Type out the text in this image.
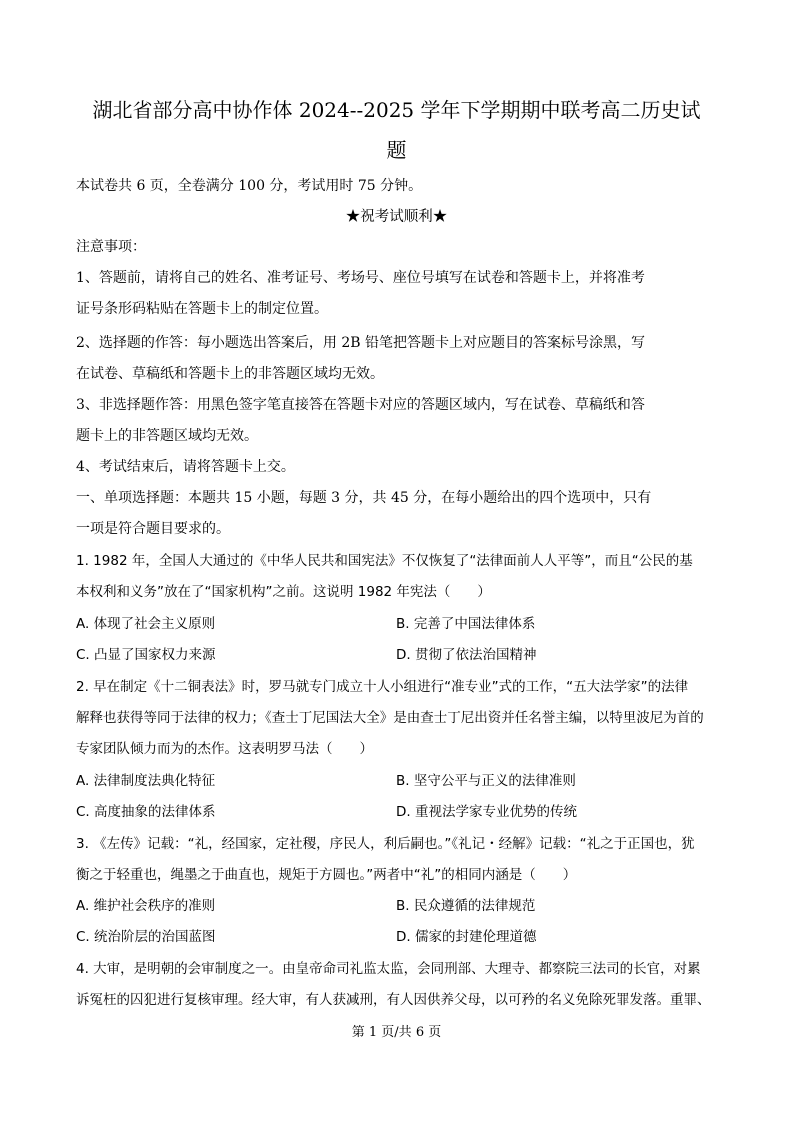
湖北省部分高中协作体 2024--2025 学年下学期期中联考高二历史试
题
本试卷共 6 页，全卷满分 100 分，考试用时 75 分钟。
★祝考试顺利★
注意事项：
1、答题前，请将自己的姓名、准考证号、考场号、座位号填写在试卷和答题卡上，并将准考
证号条形码粘贴在答题卡上的制定位置。
2、选择题的作答：每小题选出答案后，用 2B 铅笔把答题卡上对应题目的答案标号涂黑，写
在试卷、草稿纸和答题卡上的非答题区域均无效。
3、非选择题作答：用黑色签字笔直接答在答题卡对应的答题区域内，写在试卷、草稿纸和答
题卡上的非答题区域均无效。
4、考试结束后，请将答题卡上交。
一、单项选择题：本题共 15 小题，每题 3 分，共 45 分，在每小题给出的四个选项中，只有
一项是符合题目要求的。
1. 1982 年，全国人大通过的《中华人民共和国宪法》不仅恢复了“法律面前人人平等”，而且“公民的基
本权利和义务”放在了“国家机构”之前。这说明 1982 年宪法（　　）
A. 体现了社会主义原则	B. 完善了中国法律体系
C. 凸显了国家权力来源	D. 贯彻了依法治国精神
2. 早在制定《十二铜表法》时，罗马就专门成立十人小组进行“准专业”式的工作，“五大法学家”的法律
解释也获得等同于法律的权力；《查士丁尼国法大全》是由查士丁尼出资并任名誉主编，以特里波尼为首的
专家团队倾力而为的杰作。这表明罗马法（　　）
A. 法律制度法典化特征	B. 坚守公平与正义的法律准则
C. 高度抽象的法律体系	D. 重视法学家专业优势的传统
3. 《左传》记载：“礼，经国家，定社稷，序民人，利后嗣也。”《礼记・经解》记载：“礼之于正国也，犹
衡之于轻重也，绳墨之于曲直也，规矩于方圆也。”两者中“礼”的相同内涵是（　　）
A. 维护社会秩序的准则	B. 民众遵循的法律规范
C. 统治阶层的治国蓝图	D. 儒家的封建伦理道德
4. 大审，是明朝的会审制度之一。由皇帝命司礼监太监，会同刑部、大理寺、都察院三法司的长官，对累
诉冤枉的囚犯进行复核审理。经大审，有人获减刑，有人因供养父母，以可矜的名义免除死罪发落。重罪、
第 1 页/共 6 页
